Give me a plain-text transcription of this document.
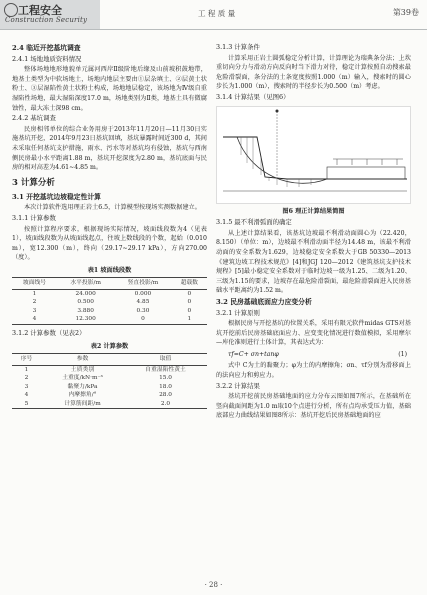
工程安全
Construction Security
工 程 质 量	第39卷
2.4 临近开挖基坑调查
2.4.1 场地地质资料情况

整体场地地形地貌单元属河西岸Ⅱ级阶地后缘及山前坡积鼓地带，地基土类型为中软场地土，场地内地层主要由①层杂填土、②层黄土状粉土、③层湿陷性黄土状粉土构成，场地地层稳定，该场地为Ⅳ级自重湿陷性场地，最大湿陷深度17.0 m，场地类别为Ⅱ类，地基土具有微腐蚀性，最大冻土深98 cm。

2.4.2 基坑调查

民房相邻单位的综合业务用房于2013年11月20日—11月30日实施基坑开挖，2014年9月23日基坑回填，基坑暴露时间近300 d，其间未采取任何基坑支护措施，雨水、污水等对基坑均有侵蚀，基坑与西南侧民房最小水平距离1.88 m，基坑开挖深度为2.80 m，基坑底面与民房的相对高差为4.61~4.85 m。

3 计算分析
3.1 开挖基坑边坡稳定性计算

本次计算软件选用理正岩土6.5，计算模型按现场实测数据建立。

3.1.1 计算参数

按照计算程序要求，根据现场实际情况，坡面线段数为4（见表1），坡面线段数为从坡面线起点，往坡上数线段的个数，起始（0.010 m），宽12.300（m），终向（29.17~29.17 kPa），方向270.00（度）。

表1 坡面线段数
坡面线号	水平投影/m	竖直投影/m	超载数
1	24.000	0.000	0
2	0.500	4.85	0
3	3.880	0.30	0
4	12.300	0	1
3.1.2 计算参数（见表2）
表2 计算参数
序号	参数	取值
1	土质类别	自重湿陷性黄土
2	土重度/kN·m⁻³	15.0
3	黏聚力/kPa	18.0
4	内摩擦角/°	28.0
5	计算筋间距/m	2.0
3.1.3 计算条件

计算采用正岩土圆弧稳定分析计算，计算理论为瑞典条分法；上坎重切向分力与滑动方向反向时当下滑力对待，稳定计算按照自动搜索最危险滑裂面，条分法的土条宽度按照1.000（m）输入，搜索时的圆心步长为1.000（m），搜索时的半径步长为0.500（m）考虑。

3.1.4 计算结果（见图6）
图6 理正计算结果简图
3.1.5 最不利滑弧面的确定

从上述计算结果看，该基坑边坡最不利滑动面圆心为（22.420，8.150）（单位：m），边坡最不利滑动面半径为14.48 m，该最不利滑动面的安全系数为1.629，边坡稳定安全系数大于GB 50330—2013《建筑边坡工程技术规范》[4]和JGJ 120—2012《建筑基坑支护技术规程》[5]最小稳定安全系数对于临时边坡一级为1.25、二级为1.20、三级为1.15的要求，边坡存在最危险滑裂面，最危险滑裂面进入民房基础水平距离约为1.52 m。

3.2 民房基础底面应力应变分析
3.2.1 计算原则

根据民房与开挖基坑的位置关系，采用有限元软件midas GTS对基坑开挖前后民房基础底面应力、应变变化情况进行数值模拟，采用摩尔—库伦准则进行土体计算，其表达式为：

τf=C+ σn+tanφ	(1)

式中 C为土的黏聚力；φ为土的内摩擦角；σn、τf分别为滑移面上的法向应力和剪应力。

3.2.2 计算结果

基坑开挖前民房基础地面的应力分布云图如图7所示，在基础所在竖向截面间距为1.0 m取10个点进行分析，所有点均承受压力值，基础底部应力曲线结果如图8所示：基坑开挖后民房基础地面的应

· 28 ·
